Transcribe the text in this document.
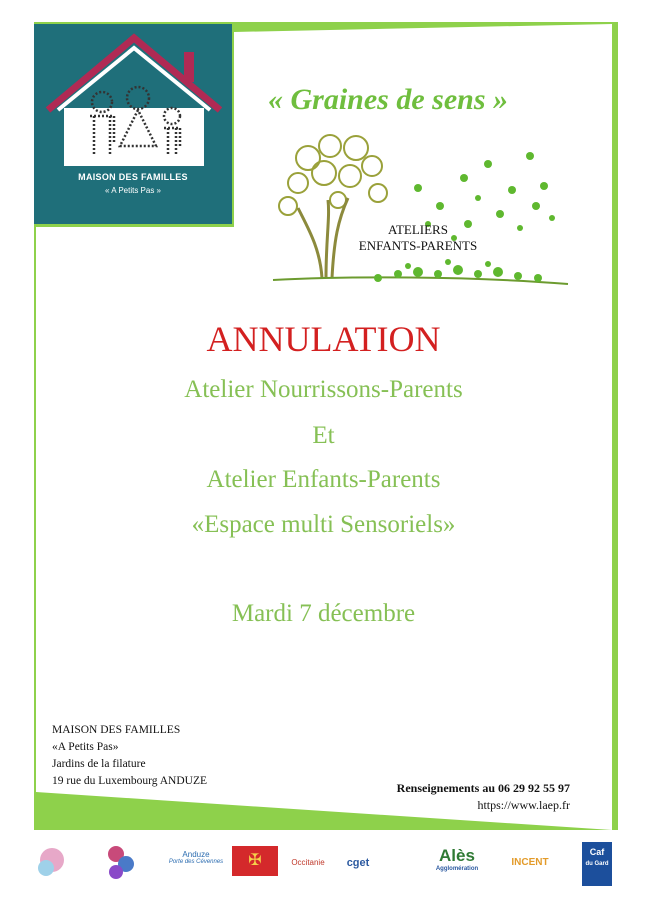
MAISON DES FAMILLES
« A Petits Pas »
« Graines de sens »
ATELIERS
ENFANTS-PARENTS
ANNULATION
Atelier Nourrissons-Parents
Et
Atelier Enfants-Parents
«Espace multi Sensoriels»
Mardi 7 décembre
MAISON DES FAMILLES
«A Petits Pas»
Jardins de la filature
19 rue du Luxembourg ANDUZE	Renseignements au 06 29 92 55 97
https://www.laep.fr
Anduze
Porte des Cévennes	✠	Occitanie	cget	Alès
Agglomération
INCENT
Caf
du Gard
